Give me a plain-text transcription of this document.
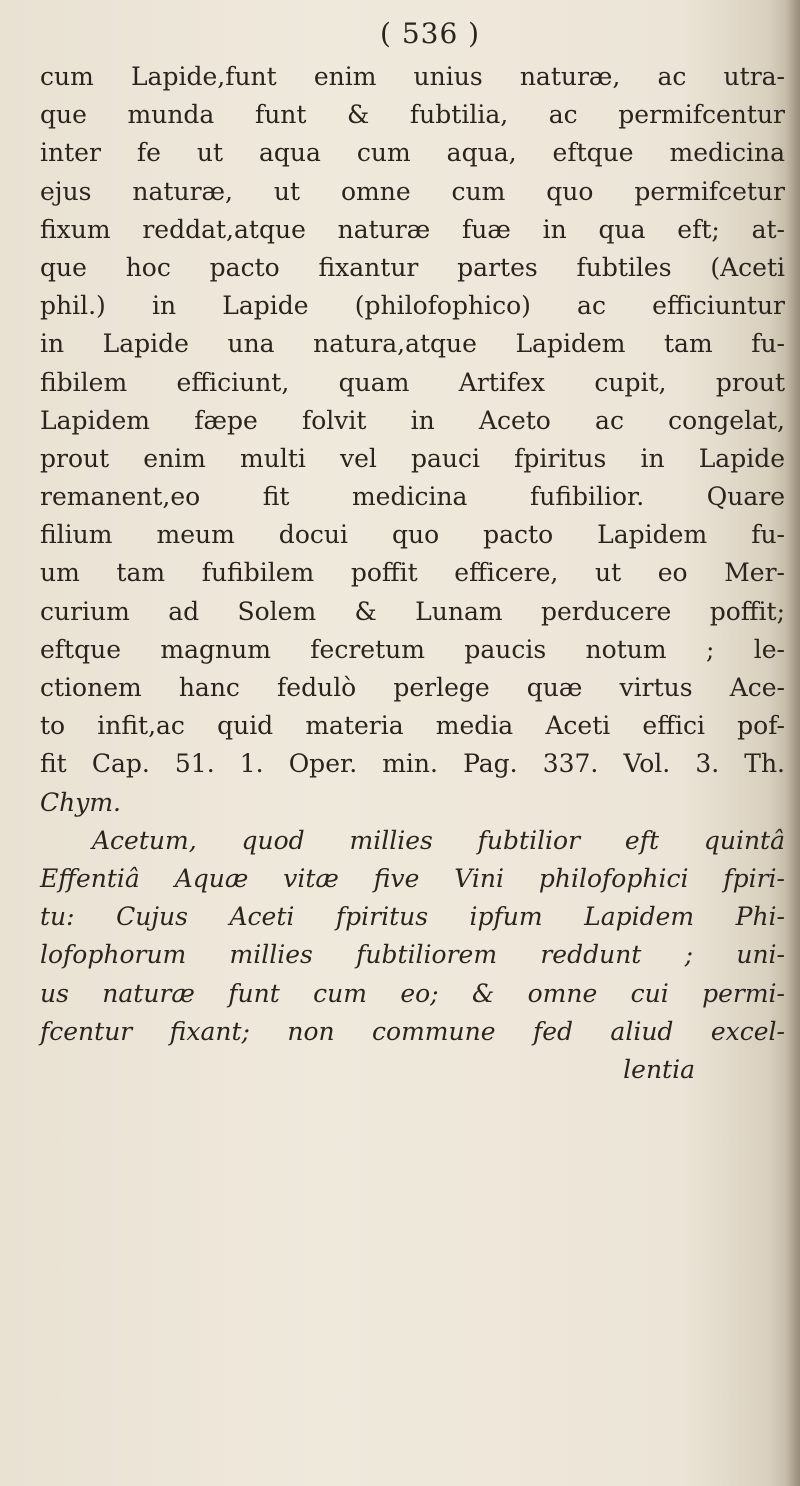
( 536 )
cum Lapide,funt enim unius naturæ, ac utra-
que munda funt & fubtilia, ac permifcentur
inter fe ut aqua cum aqua, eftque medicina
ejus naturæ, ut omne cum quo permifcetur
fixum reddat,atque naturæ fuæ in qua eft; at-
que hoc pacto fixantur partes fubtiles (Aceti
phil.) in Lapide (philofophico) ac efficiuntur
in Lapide una natura,atque Lapidem tam fu-
fibilem efficiunt, quam Artifex cupit, prout
Lapidem fæpe folvit in Aceto ac congelat,
prout enim multi vel pauci fpiritus in Lapide
remanent,eo fit medicina fufibilior. Quare
filium meum docui quo pacto Lapidem fu-
um tam fufibilem poffit efficere, ut eo Mer-
curium ad Solem & Lunam perducere poffit;
eftque magnum fecretum paucis notum ; le-
ctionem hanc fedulò perlege quæ virtus Ace-
to infit,ac quid materia media Aceti effici pof-
fit Cap. 51. 1. Oper. min. Pag. 337. Vol. 3. Th.
Chym.
Acetum, quod millies fubtilior eft quintâ
Effentiâ Aquæ vitæ five Vini philofophici fpiri-
tu: Cujus Aceti fpiritus ipfum Lapidem Phi-
lofophorum millies fubtiliorem reddunt ; uni-
us naturæ funt cum eo; & omne cui permi-
fcentur fixant; non commune fed aliud excel-
lentia
